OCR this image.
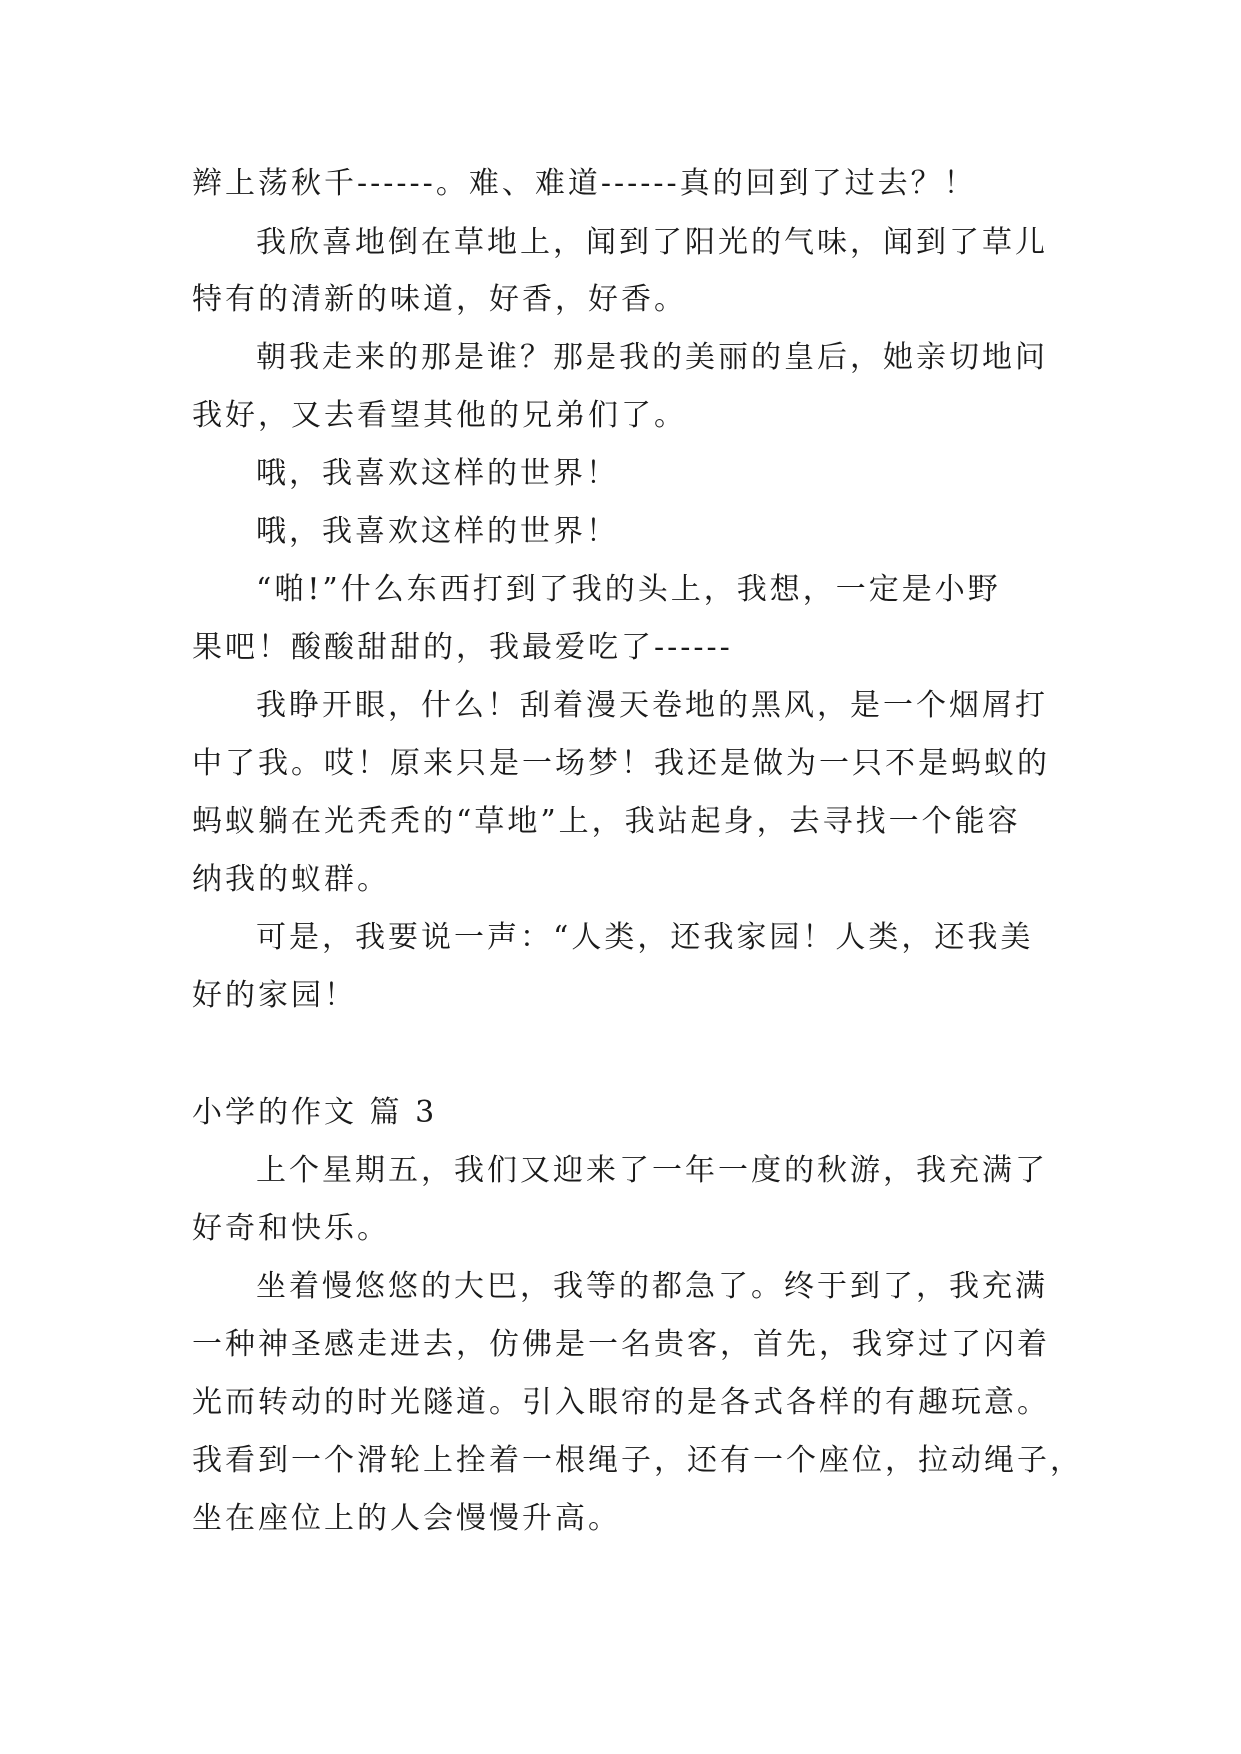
辫上荡秋千------。难、难道------真的回到了过去？！
我欣喜地倒在草地上，闻到了阳光的气味，闻到了草儿
特有的清新的味道，好香，好香。
朝我走来的那是谁？那是我的美丽的皇后，她亲切地问
我好，又去看望其他的兄弟们了。
哦，我喜欢这样的世界！
哦，我喜欢这样的世界！
“啪!”什么东西打到了我的头上，我想，一定是小野
果吧！酸酸甜甜的，我最爱吃了------
我睁开眼，什么！刮着漫天卷地的黑风，是一个烟屑打
中了我。哎！原来只是一场梦！我还是做为一只不是蚂蚁的
蚂蚁躺在光秃秃的“草地”上，我站起身，去寻找一个能容
纳我的蚁群。
可是，我要说一声：“人类，还我家园！人类，还我美
好的家园！
小学的作文 篇 3
上个星期五，我们又迎来了一年一度的秋游，我充满了
好奇和快乐。
坐着慢悠悠的大巴，我等的都急了。终于到了，我充满
一种神圣感走进去，仿佛是一名贵客，首先，我穿过了闪着
光而转动的时光隧道。引入眼帘的是各式各样的有趣玩意。
我看到一个滑轮上拴着一根绳子，还有一个座位，拉动绳子，
坐在座位上的人会慢慢升高。
